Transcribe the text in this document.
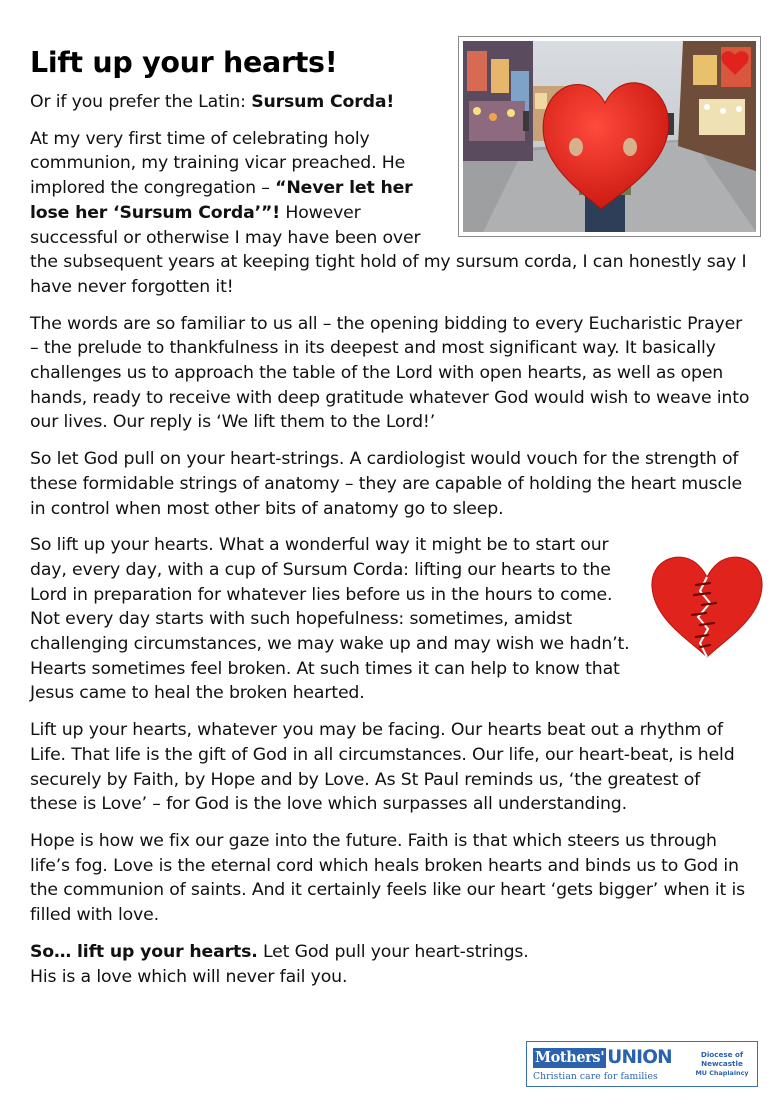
Lift up your hearts!

Or if you prefer the Latin: Sursum Corda!

At my very first time of celebrating holy communion, my training vicar preached. He implored the congregation – “Never let her lose her ‘Sursum Corda’”! However successful or otherwise I may have been over the subsequent years at keeping tight hold of my sursum corda, I can honestly say I have never forgotten it!

The words are so familiar to us all – the opening bidding to every Eucharistic Prayer – the prelude to thankfulness in its deepest and most significant way. It basically challenges us to approach the table of the Lord with open hearts, as well as open hands, ready to receive with deep gratitude whatever God would wish to weave into our lives. Our reply is ‘We lift them to the Lord!’

So let God pull on your heart-strings. A cardiologist would vouch for the strength of these formidable strings of anatomy – they are capable of holding the heart muscle in control when most other bits of anatomy go to sleep.

So lift up your hearts. What a wonderful way it might be to start our day, every day, with a cup of Sursum Corda: lifting our hearts to the Lord in preparation for whatever lies before us in the hours to come. Not every day starts with such hopefulness: sometimes, amidst challenging circumstances, we may wake up and may wish we hadn’t. Hearts sometimes feel broken. At such times it can help to know that Jesus came to heal the broken hearted.

Lift up your hearts, whatever you may be facing. Our hearts beat out a rhythm of Life. That life is the gift of God in all circumstances. Our life, our heart-beat, is held securely by Faith, by Hope and by Love. As St Paul reminds us, ‘the greatest of these is Love’ – for God is the love which surpasses all understanding.

Hope is how we fix our gaze into the future. Faith is that which steers us through life’s fog. Love is the eternal cord which heals broken hearts and binds us to God in the communion of saints. And it certainly feels like our heart ‘gets bigger’ when it is filled with love.

So… lift up your hearts. Let God pull your heart-strings.
His is a love which will never fail you.

Mothers' UNION
Christian care for families
Diocese of
Newcastle
MU Chaplaincy
